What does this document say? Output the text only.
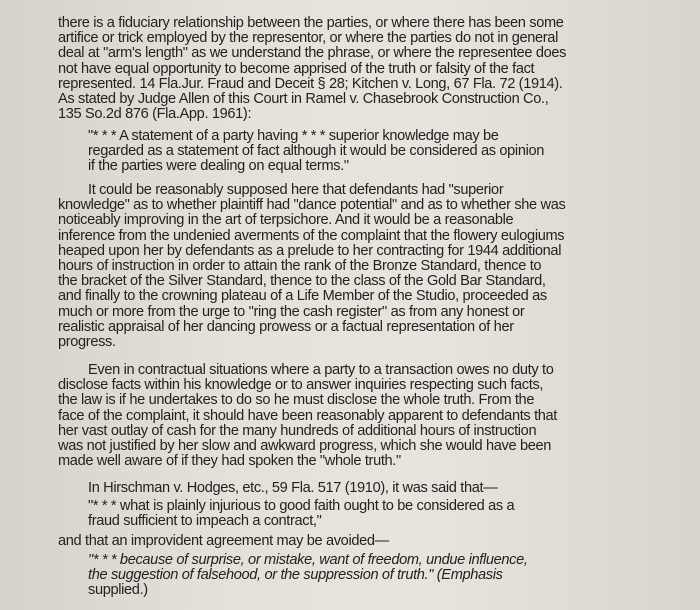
there is a fiduciary relationship between the parties, or where there has been some
artifice or trick employed by the representor, or where the parties do not in general
deal at "arm's length" as we understand the phrase, or where the representee does
not have equal opportunity to become apprised of the truth or falsity of the fact
represented. 14 Fla.Jur. Fraud and Deceit § 28; Kitchen v. Long, 67 Fla. 72 (1914).
As stated by Judge Allen of this Court in Ramel v. Chasebrook Construction Co.,
135 So.2d 876 (Fla.App. 1961):

"* * * A statement of a party having * * * superior knowledge may be
regarded as a statement of fact although it would be considered as opinion
if the parties were dealing on equal terms."

It could be reasonably supposed here that defendants had "superior
knowledge" as to whether plaintiff had "dance potential" and as to whether she was
noticeably improving in the art of terpsichore. And it would be a reasonable
inference from the undenied averments of the complaint that the flowery eulogiums
heaped upon her by defendants as a prelude to her contracting for 1944 additional
hours of instruction in order to attain the rank of the Bronze Standard, thence to
the bracket of the Silver Standard, thence to the class of the Gold Bar Standard,
and finally to the crowning plateau of a Life Member of the Studio, proceeded as
much or more from the urge to "ring the cash register" as from any honest or
realistic appraisal of her dancing prowess or a factual representation of her
progress.

Even in contractual situations where a party to a transaction owes no duty to
disclose facts within his knowledge or to answer inquiries respecting such facts,
the law is if he undertakes to do so he must disclose the whole truth. From the
face of the complaint, it should have been reasonably apparent to defendants that
her vast outlay of cash for the many hundreds of additional hours of instruction
was not justified by her slow and awkward progress, which she would have been
made well aware of if they had spoken the "whole truth."

In Hirschman v. Hodges, etc., 59 Fla. 517 (1910), it was said that—

"* * * what is plainly injurious to good faith ought to be considered as a
fraud sufficient to impeach a contract,"

and that an improvident agreement may be avoided—

"* * * because of surprise, or mistake, want of freedom, undue influence,
the suggestion of falsehood, or the suppression of truth." (Emphasis
supplied.)
